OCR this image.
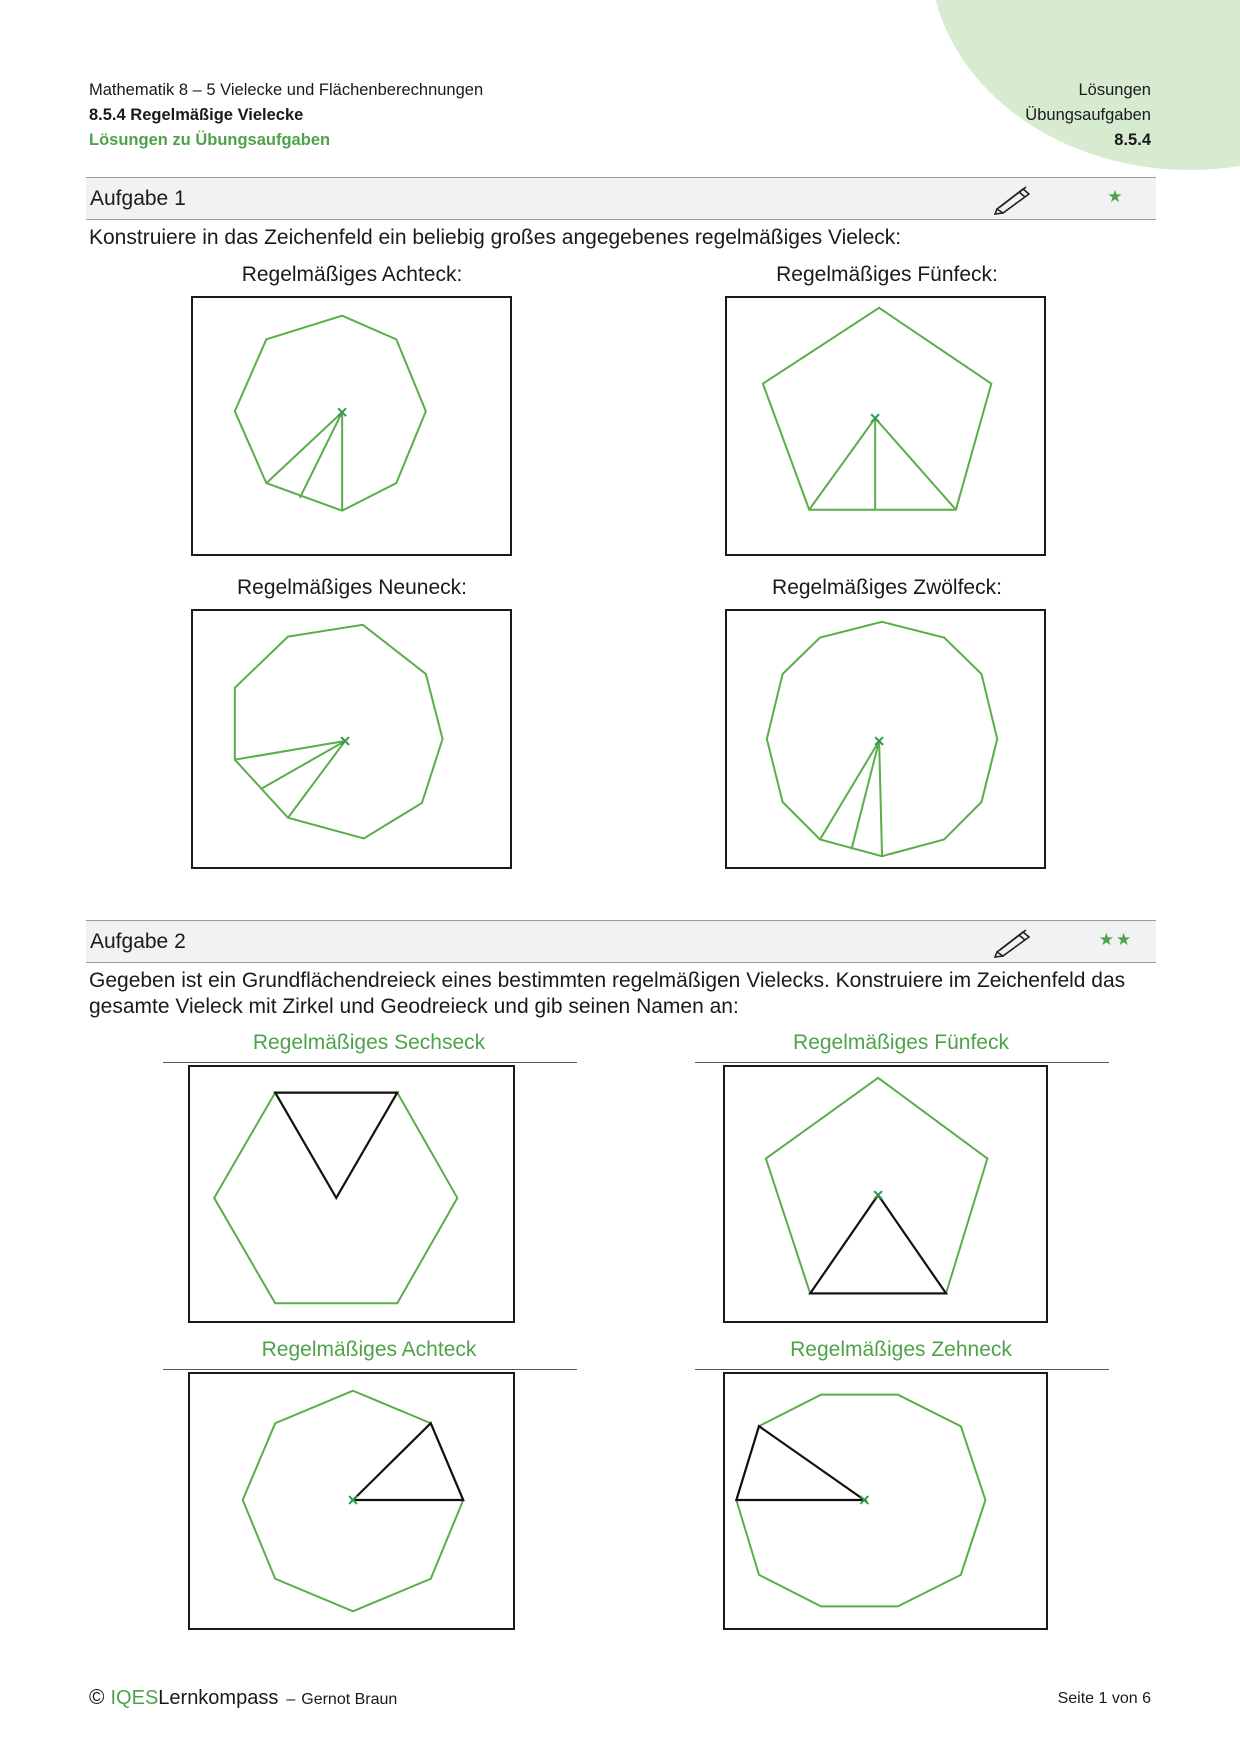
Mathematik 8 – 5 Vielecke und Flächenberechnungen
8.5.4 Regelmäßige Vielecke
Lösungen zu Übungsaufgaben
Lösungen
Übungsaufgaben
8.5.4
Aufgabe 1	★
Konstruiere in das Zeichenfeld ein beliebig großes angegebenes regelmäßiges Vieleck:
Regelmäßiges Achteck:	Regelmäßiges Fünfeck:
Regelmäßiges Neuneck:	Regelmäßiges Zwölfeck:
Aufgabe 2	★★
Gegeben ist ein Grundflächendreieck eines bestimmten regelmäßigen Vielecks. Konstruiere im Zeichenfeld das gesamte Vieleck mit Zirkel und Geodreieck und gib seinen Namen an:
Regelmäßiges Sechseck	Regelmäßiges Fünfeck
Regelmäßiges Achteck	Regelmäßiges Zehneck
© IQES Lernkompass – Gernot Braun	Seite 1 von 6
